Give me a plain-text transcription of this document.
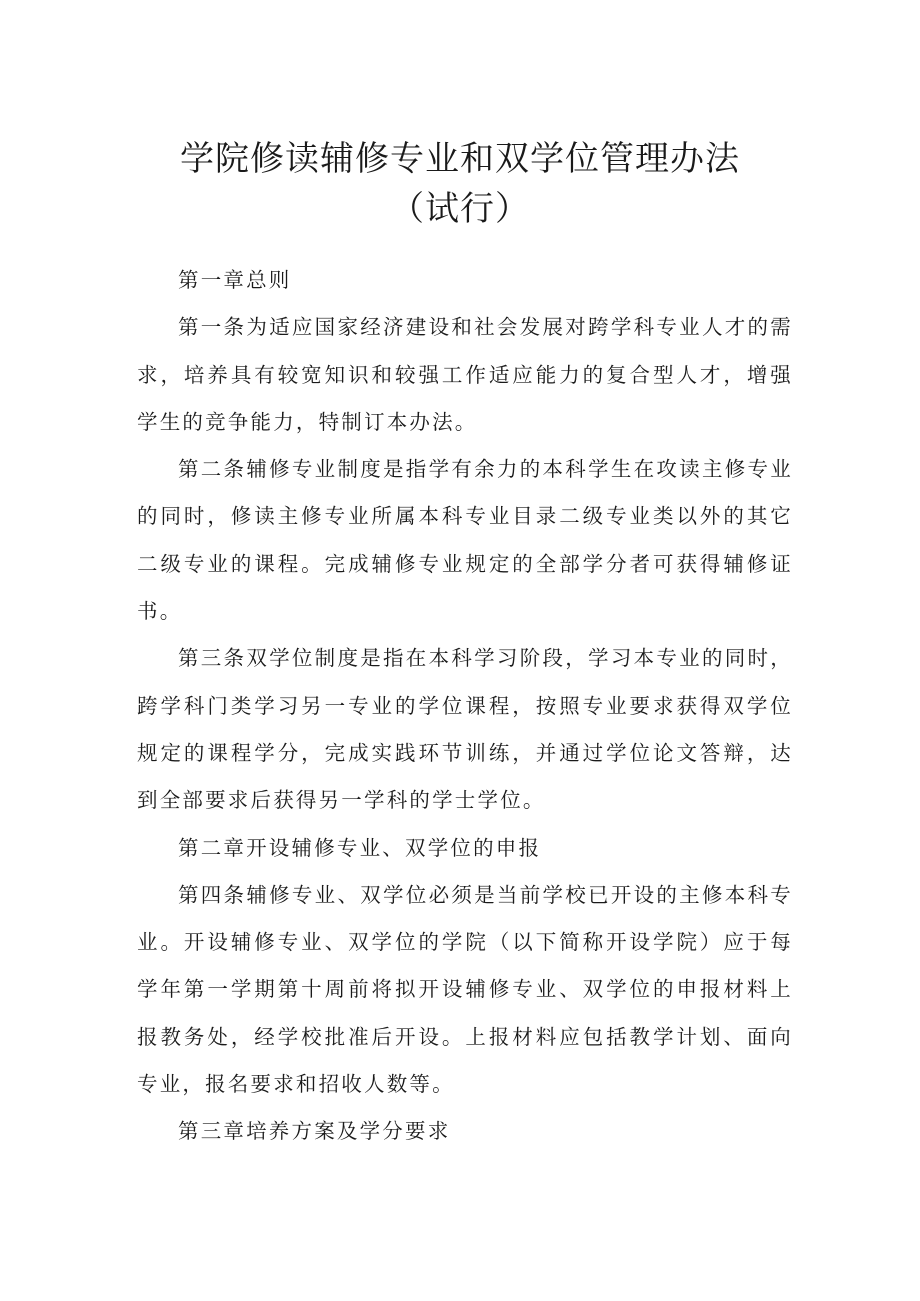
学院修读辅修专业和双学位管理办法（试行）

第一章总则

第一条为适应国家经济建设和社会发展对跨学科专业人才的需求，培养具有较宽知识和较强工作适应能力的复合型人才，增强学生的竞争能力，特制订本办法。

第二条辅修专业制度是指学有余力的本科学生在攻读主修专业的同时，修读主修专业所属本科专业目录二级专业类以外的其它二级专业的课程。完成辅修专业规定的全部学分者可获得辅修证书。

第三条双学位制度是指在本科学习阶段，学习本专业的同时，跨学科门类学习另一专业的学位课程，按照专业要求获得双学位规定的课程学分，完成实践环节训练，并通过学位论文答辩，达到全部要求后获得另一学科的学士学位。

第二章开设辅修专业、双学位的申报

第四条辅修专业、双学位必须是当前学校已开设的主修本科专业。开设辅修专业、双学位的学院（以下简称开设学院）应于每学年第一学期第十周前将拟开设辅修专业、双学位的申报材料上报教务处，经学校批准后开设。上报材料应包括教学计划、面向专业，报名要求和招收人数等。

第三章培养方案及学分要求
